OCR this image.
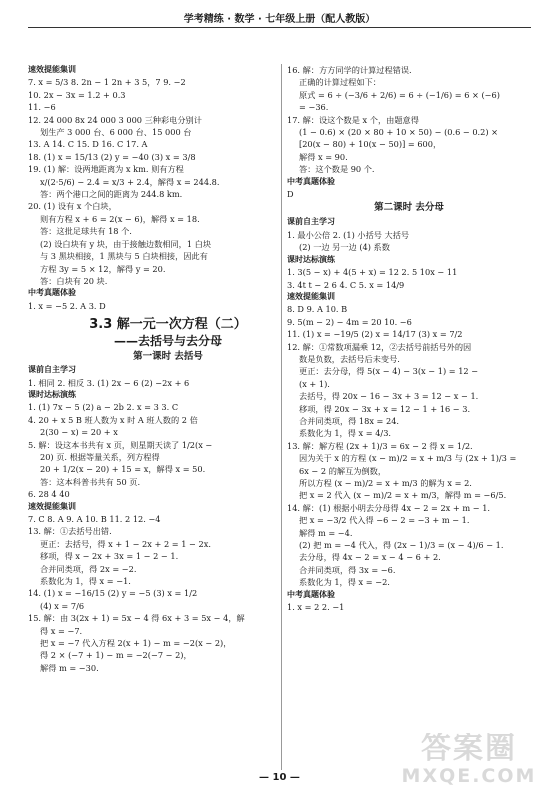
学考精练 · 数学 · 七年级上册（配人教版）
速效提能集训
7. x = 5/3 8. 2n − 1 2n + 3 5，7 9. −2
10. 2x − 3x = 1.2 + 0.3
11. −6
12. 24 000 8x 24 000 3 000 三种彩电分别计
划生产 3 000 台、6 000 台、15 000 台
13. A 14. C 15. D 16. C 17. A
18. (1) x = 15/13 (2) y = −40 (3) x = 3/8
19. (1) 解：设两地距离为 x km. 则有方程
x/(2·5/6) − 2.4 = x/3 + 2.4，解得 x = 244.8.
答：两个港口之间的距离为 244.8 km.
20. (1) 设有 x 个白块，
则有方程 x + 6 = 2(x − 6)，解得 x = 18.
答：这批足球共有 18 个.
(2) 设白块有 y 块，由于接触边数相同，1 白块
与 3 黑块相接，1 黑块与 5 白块相接，因此有
方程 3y = 5 × 12，解得 y = 20.
答：白块有 20 块.
中考真题体验
1. x = −5 2. A 3. D
3.3 解一元一次方程（二）
——去括号与去分母
第一课时 去括号
课前自主学习
1. 相同 2. 相反 3. (1) 2x − 6 (2) −2x + 6
课时达标演练
1. (1) 7x − 5 (2) a − 2b 2. x = 3 3. C
4. 20 + x 5 B 班人数为 x 时 A 班人数的 2 倍
2(30 − x) = 20 + x
5. 解：设这本书共有 x 页，则星期天读了 1/2(x −
20) 页. 根据等量关系，列方程得
20 + 1/2(x − 20) + 15 = x，解得 x = 50.
答：这本科普书共有 50 页.
6. 28 4 40
速效提能集训
7. C 8. A 9. A 10. B 11. 2 12. −4
13. 解：①去括号出错.
更正：去括号，得 x + 1 − 2x + 2 = 1 − 2x.
移项，得 x − 2x + 3x = 1 − 2 − 1.
合并同类项，得 2x = −2.
系数化为 1，得 x = −1.
14. (1) x = −16/15 (2) y = −5 (3) x = 1/2
(4) x = 7/6
15. 解：由 3(2x + 1) = 5x − 4 得 6x + 3 = 5x − 4，解
得 x = −7.
把 x = −7 代入方程 2(x + 1) − m = −2(x − 2)，
得 2 × (−7 + 1) − m = −2(−7 − 2)，
解得 m = −30.
16. 解：方方同学的计算过程错误.
正确的计算过程如下：
原式 = 6 ÷ (−3/6 + 2/6) = 6 ÷ (−1/6) = 6 × (−6)
= −36.
17. 解：设这个数是 x 个，由题意得
(1 − 0.6) × (20 × 80 + 10 × 50) − (0.6 − 0.2) ×
[20(x − 80) + 10(x − 50)] = 600，
解得 x = 90.
答：这个数是 90 个.
中考真题体验
D
第二课时 去分母
课前自主学习
1. 最小公倍 2. (1) 小括号 大括号
(2) 一边 另一边 (4) 系数
课时达标演练
1. 3(5 − x) + 4(5 + x) = 12 2. 5 10x − 11
3. 4t t − 2 6 4. C 5. x = 14/9
速效提能集训
8. D 9. A 10. B
9. 5(m − 2) − 4m = 20 10. −6
11. (1) x = −19/5 (2) x = 14/17 (3) x = 7/2
12. 解：①常数项漏乘 12，②去括号前括号外的因
数是负数，去括号后未变号.
更正：去分母，得 5(x − 4) − 3(x − 1) = 12 −
(x + 1).
去括号，得 20x − 16 − 3x + 3 = 12 − x − 1.
移项，得 20x − 3x + x = 12 − 1 + 16 − 3.
合并同类项，得 18x = 24.
系数化为 1，得 x = 4/3.
13. 解：解方程 (2x + 1)/3 = 6x − 2 得 x = 1/2.
因为关于 x 的方程 (x − m)/2 = x + m/3 与 (2x + 1)/3 =
6x − 2 的解互为倒数，
所以方程 (x − m)/2 = x + m/3 的解为 x = 2.
把 x = 2 代入 (x − m)/2 = x + m/3，解得 m = −6/5.
14. 解：(1) 根据小明去分母得 4x − 2 = 2x + m − 1.
把 x = −3/2 代入得 −6 − 2 = −3 + m − 1.
解得 m = −4.
(2) 把 m = −4 代入，得 (2x − 1)/3 = (x − 4)/6 − 1.
去分母，得 4x − 2 = x − 4 − 6 + 2.
合并同类项，得 3x = −6.
系数化为 1，得 x = −2.
中考真题体验
1. x = 2 2. −1
— 10 —
答案圈
MXQE.COM
